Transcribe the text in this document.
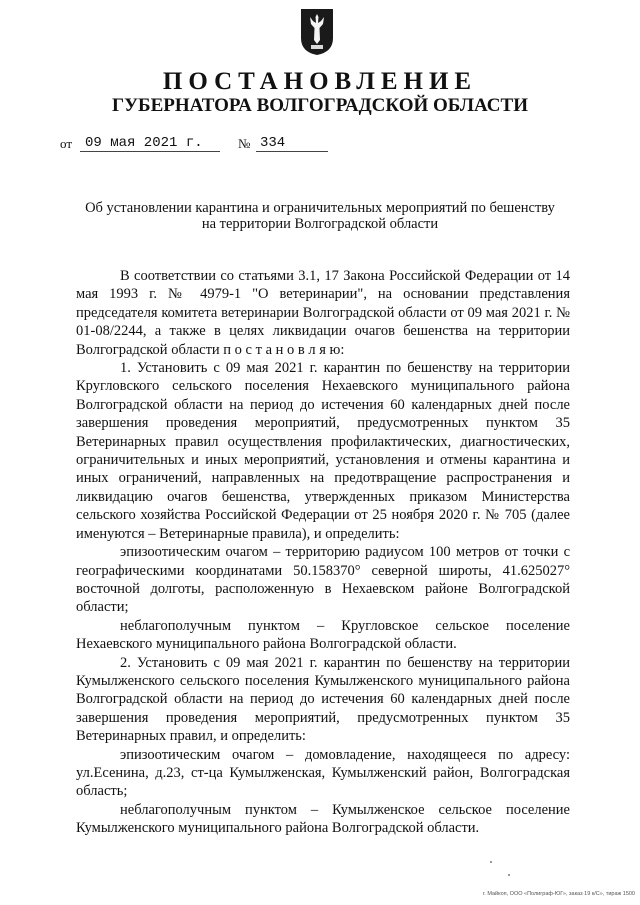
ПОСТАНОВЛЕНИЕ
ГУБЕРНАТОРА ВОЛГОГРАДСКОЙ ОБЛАСТИ
от 09 мая 2021 г.	№ 334
Об установлении карантина и ограничительных мероприятий по бешенству
на территории Волгоградской области

В соответствии со статьями 3.1, 17 Закона Российской Федерации от 14 мая 1993 г. № 4979-1 "О ветеринарии", на основании представления председателя комитета ветеринарии Волгоградской области от 09 мая 2021 г. № 01-08/2244, а также в целях ликвидации очагов бешенства на территории Волгоградской области п о с т а н о в л я ю:

1. Установить с 09 мая 2021 г. карантин по бешенству на территории Кругловского сельского поселения Нехаевского муниципального района Волгоградской области на период до истечения 60 календарных дней после завершения проведения мероприятий, предусмотренных пунктом 35 Ветеринарных правил осуществления профилактических, диагностических, ограничительных и иных мероприятий, установления и отмены карантина и иных ограничений, направленных на предотвращение распространения и ликвидацию очагов бешенства, утвержденных приказом Министерства сельского хозяйства Российской Федерации от 25 ноября 2020 г. № 705 (далее именуются – Ветеринарные правила), и определить:

эпизоотическим очагом – территорию радиусом 100 метров от точки с географическими координатами 50.158370° северной широты, 41.625027° восточной долготы, расположенную в Нехаевском районе Волгоградской области;

неблагополучным пунктом – Кругловское сельское поселение Нехаевского муниципального района Волгоградской области.

2. Установить с 09 мая 2021 г. карантин по бешенству на территории Кумылженского сельского поселения Кумылженского муниципального района Волгоградской области на период до истечения 60 календарных дней после завершения проведения мероприятий, предусмотренных пунктом 35 Ветеринарных правил, и определить:

эпизоотическим очагом – домовладение, находящееся по адресу: ул.Есенина, д.23, ст-ца Кумылженская, Кумылженский район, Волгоградская область;

неблагополучным пунктом – Кумылженское сельское поселение Кумылженского муниципального района Волгоградской области.

г. Майкоп, ООО «Полиграф-ЮГ», заказ 19 к/С», тираж 1500
